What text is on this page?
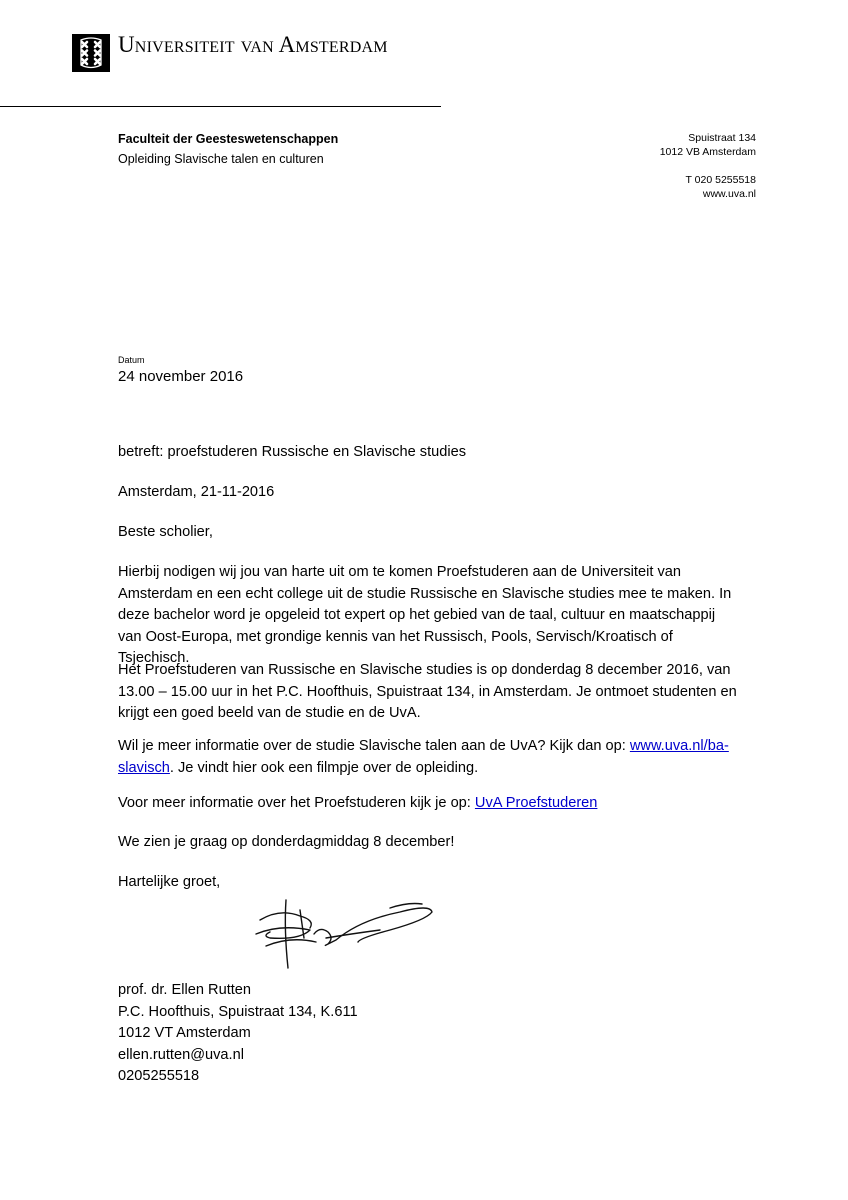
Universiteit van Amsterdam
Faculteit der Geesteswetenschappen
Opleiding Slavische talen en culturen
Spuistraat 134
1012 VB Amsterdam
T 020 5255518
www.uva.nl
Datum
24 november 2016
betreft: proefstuderen Russische en Slavische studies
Amsterdam, 21-11-2016
Beste scholier,
Hierbij nodigen wij jou van harte uit om te komen Proefstuderen aan de Universiteit van Amsterdam en een echt college uit de studie Russische en Slavische studies mee te maken. In deze bachelor word je opgeleid tot expert op het gebied van de taal, cultuur en maatschappij van Oost-Europa, met grondige kennis van het Russisch, Pools, Servisch/Kroatisch of Tsjechisch.
Het Proefstuderen van Russische en Slavische studies is op donderdag 8 december 2016, van 13.00 – 15.00 uur in het P.C. Hoofthuis, Spuistraat 134, in Amsterdam. Je ontmoet studenten en krijgt een goed beeld van de studie en de UvA.
Wil je meer informatie over de studie Slavische talen aan de UvA? Kijk dan op: www.uva.nl/ba-slavisch. Je vindt hier ook een filmpje over de opleiding.
Voor meer informatie over het Proefstuderen kijk je op: UvA Proefstuderen
We zien je graag op donderdagmiddag 8 december!
Hartelijke groet,
prof. dr. Ellen Rutten
P.C. Hoofthuis, Spuistraat 134, K.611
1012 VT Amsterdam
ellen.rutten@uva.nl
0205255518
